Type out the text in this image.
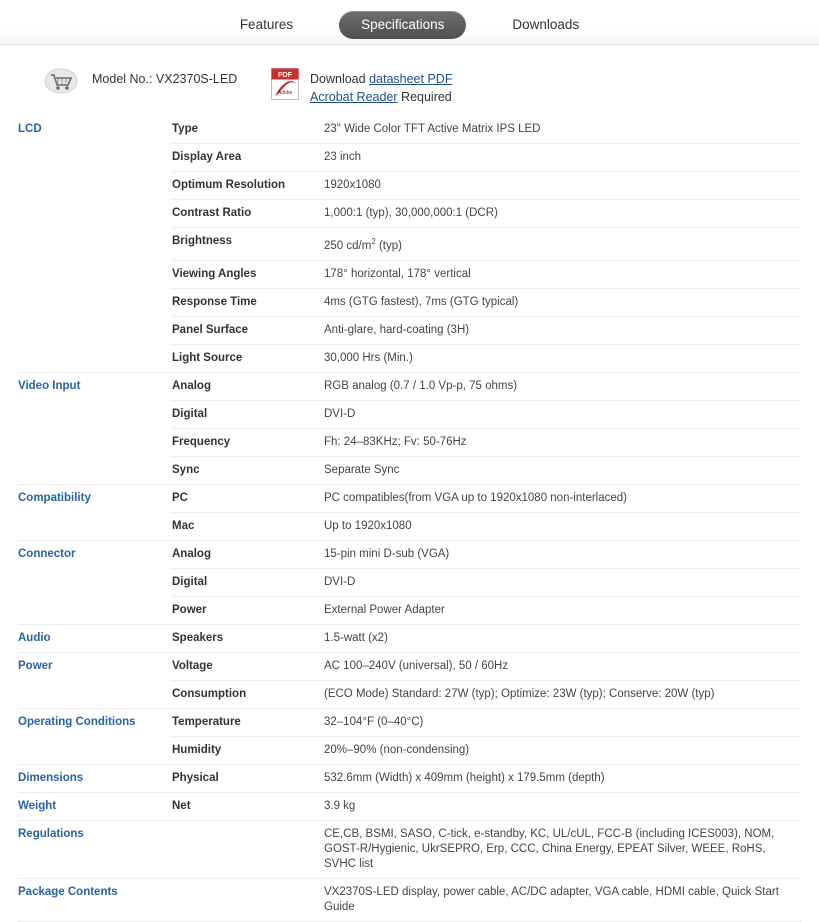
Features	Specifications	Downloads
Model No.: VX2370S-LED	PDF
Adobe
Download datasheet PDF
Acrobat Reader Required
LCD	Type	23" Wide Color TFT Active Matrix IPS LED
	Display Area	23 inch
	Optimum Resolution	1920x1080
	Contrast Ratio	1,000:1 (typ), 30,000,000:1 (DCR)
	Brightness	250 $cd/m^2$ (typ)
	Viewing Angles	178° horizontal, 178° vertical
	Response Time	4ms (GTG fastest), 7ms (GTG typical)
	Panel Surface	Anti-glare, hard-coating (3H)
	Light Source	30,000 Hrs (Min.)
Video Input	Analog	RGB analog (0.7 / 1.0 Vp-p, 75 ohms)
	Digital	DVI-D
	Frequency	Fh: 24–83KHz; Fv: 50-76Hz
	Sync	Separate Sync
Compatibility	PC	PC compatibles(from VGA up to 1920x1080 non-interlaced)
	Mac	Up to 1920x1080
Connector	Analog	15-pin mini D-sub (VGA)
	Digital	DVI-D
	Power	External Power Adapter
Audio	Speakers	1.5-watt (x2)
Power	Voltage	AC 100–240V (universal), 50 / 60Hz
	Consumption	(ECO Mode) Standard: 27W (typ); Optimize: 23W (typ); Conserve: 20W (typ)
Operating Conditions	Temperature	32–104°F (0–40°C)
	Humidity	20%–90% (non-condensing)
Dimensions	Physical	532.6mm (Width) x 409mm (height) x 179.5mm (depth)
Weight	Net	3.9 kg
Regulations		CE,CB, BSMI, SASO, C-tick, e-standby, KC, UL/cUL, FCC-B (including ICES003), NOM, GOST-R/Hygienic, UkrSEPRO, Erp, CCC, China Energy, EPEAT Silver, WEEE, RoHS, SVHC list
Package Contents		VX2370S-LED display, power cable, AC/DC adapter, VGA cable, HDMI cable, Quick Start Guide
